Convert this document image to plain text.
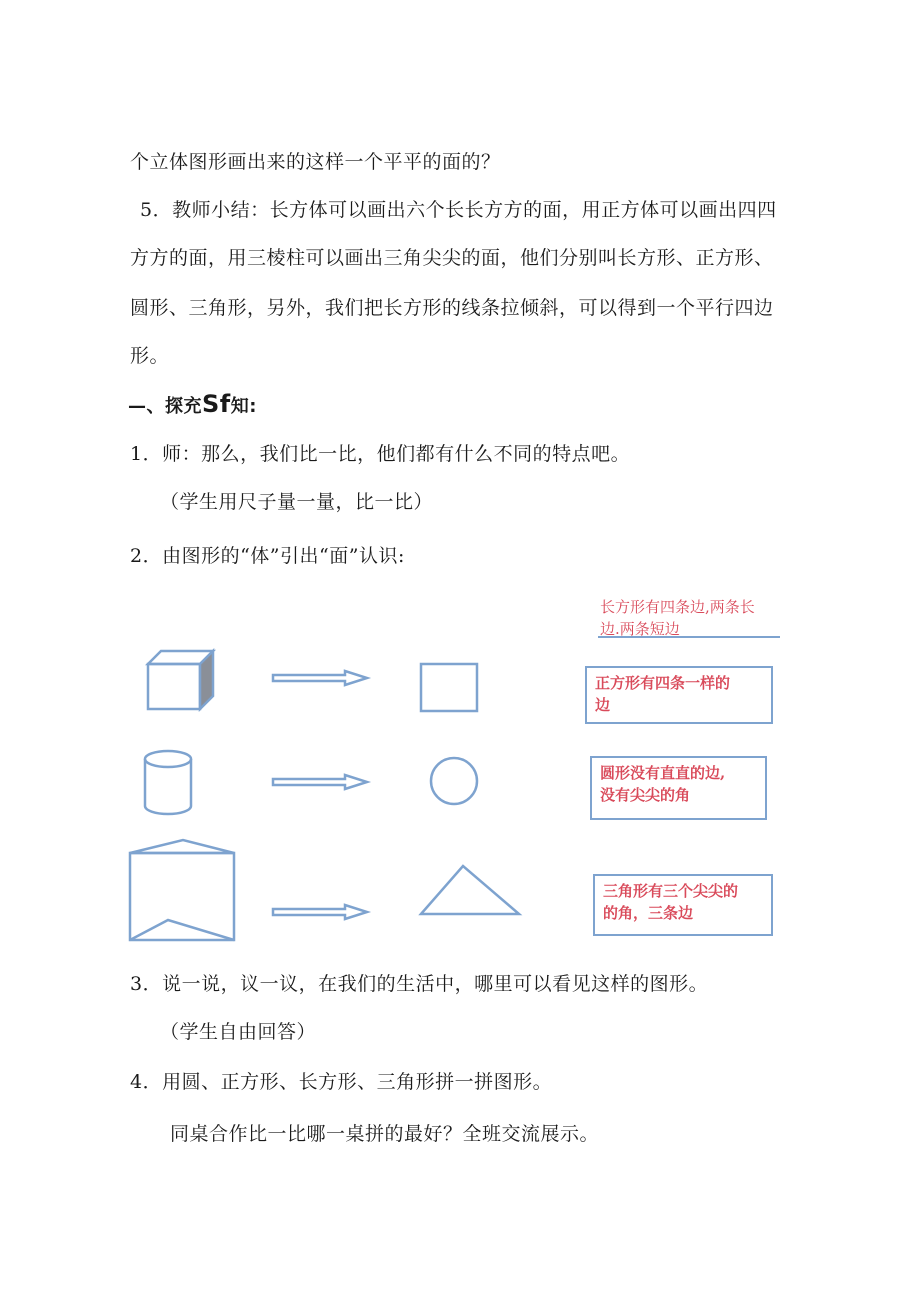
个立体图形画出来的这样一个平平的面的？
5．教师小结：长方体可以画出六个长长方方的面，用正方体可以画出四四
方方的面，用三棱柱可以画出三角尖尖的面，他们分别叫长方形、正方形、
圆形、三角形，另外，我们把长方形的线条拉倾斜，可以得到一个平行四边
形。
—、探充Sf知:
1．师：那么，我们比一比，他们都有什么不同的特点吧。
（学生用尺子量一量，比一比）
2．由图形的“体”引出“面”认识:
长方形有四条边,两条长
边.两条短边
正方形有四条一样的
边
圆形没有直直的边,
没有尖尖的角
三角形有三个尖尖的
的角，三条边
3．说一说，议一议，在我们的生活中，哪里可以看见这样的图形。
（学生自由回答）
4．用圆、正方形、长方形、三角形拼一拼图形。
同桌合作比一比哪一桌拼的最好？全班交流展示。
